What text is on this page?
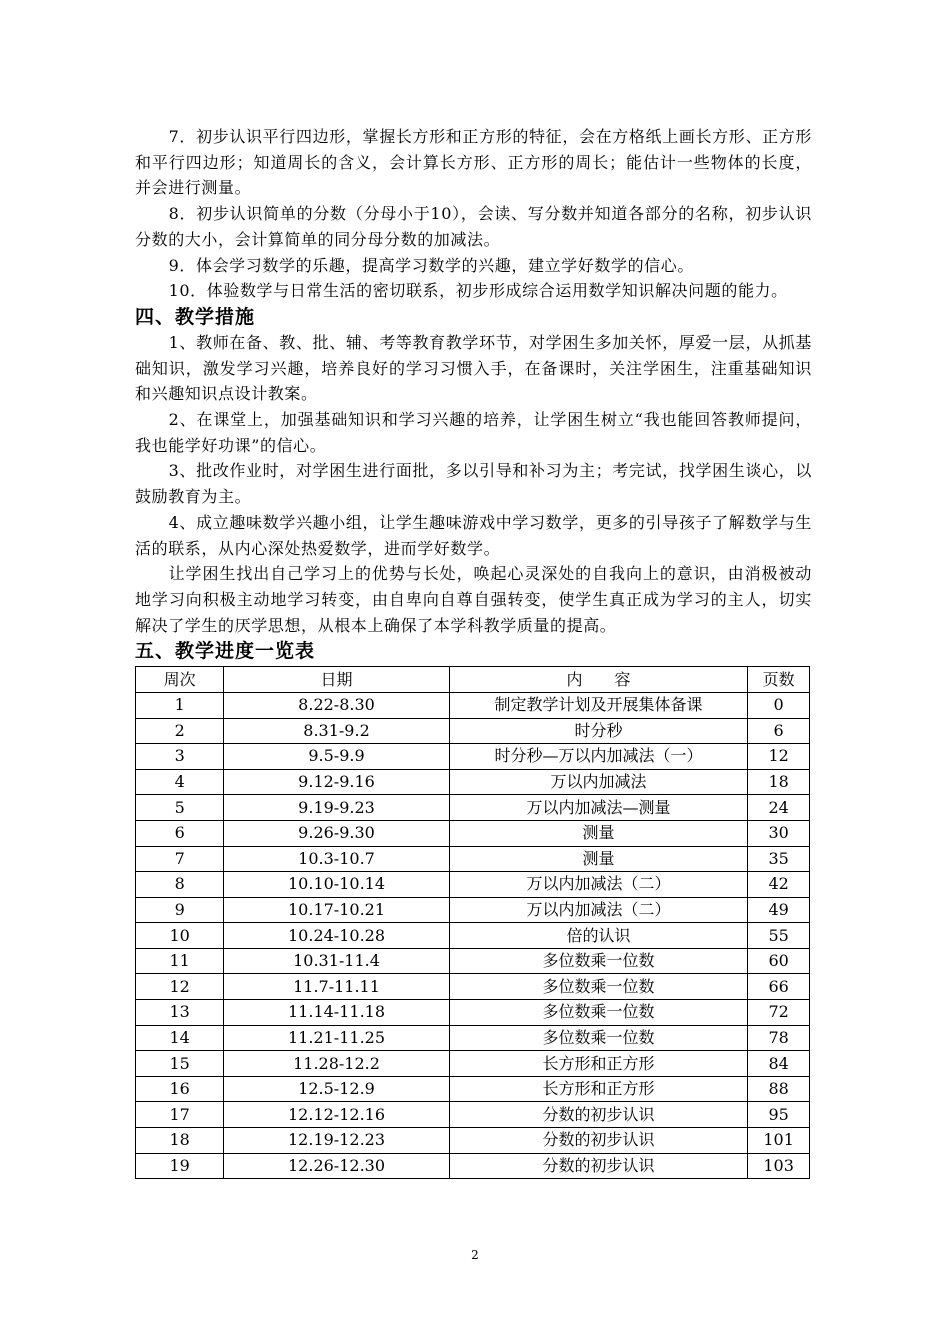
7．初步认识平行四边形，掌握长方形和正方形的特征，会在方格纸上画长方形、正方形和平行四边形；知道周长的含义，会计算长方形、正方形的周长；能估计一些物体的长度，并会进行测量。

8．初步认识简单的分数（分母小于10），会读、写分数并知道各部分的名称，初步认识分数的大小，会计算简单的同分母分数的加减法。

9．体会学习数学的乐趣，提高学习数学的兴趣，建立学好数学的信心。

10．体验数学与日常生活的密切联系，初步形成综合运用数学知识解决问题的能力。

四、教学措施

1、教师在备、教、批、辅、考等教育教学环节，对学困生多加关怀，厚爱一层，从抓基础知识，激发学习兴趣，培养良好的学习习惯入手，在备课时，关注学困生，注重基础知识和兴趣知识点设计教案。

2、在课堂上，加强基础知识和学习兴趣的培养，让学困生树立“我也能回答教师提问，我也能学好功课”的信心。

3、批改作业时，对学困生进行面批，多以引导和补习为主；考完试，找学困生谈心，以鼓励教育为主。

4、成立趣味数学兴趣小组，让学生趣味游戏中学习数学，更多的引导孩子了解数学与生活的联系，从内心深处热爱数学，进而学好数学。

让学困生找出自己学习上的优势与长处，唤起心灵深处的自我向上的意识，由消极被动地学习向积极主动地学习转变，由自卑向自尊自强转变，使学生真正成为学习的主人，切实解决了学生的厌学思想，从根本上确保了本学科教学质量的提高。

五、教学进度一览表
周次	日期	内　　容	页数
1	8.22-8.30	制定教学计划及开展集体备课	0
2	8.31-9.2	时分秒	6
3	9.5-9.9	时分秒—万以内加减法（一）	12
4	9.12-9.16	万以内加减法	18
5	9.19-9.23	万以内加减法—测量	24
6	9.26-9.30	测量	30
7	10.3-10.7	测量	35
8	10.10-10.14	万以内加减法（二）	42
9	10.17-10.21	万以内加减法（二）	49
10	10.24-10.28	倍的认识	55
11	10.31-11.4	多位数乘一位数	60
12	11.7-11.11	多位数乘一位数	66
13	11.14-11.18	多位数乘一位数	72
14	11.21-11.25	多位数乘一位数	78
15	11.28-12.2	长方形和正方形	84
16	12.5-12.9	长方形和正方形	88
17	12.12-12.16	分数的初步认识	95
18	12.19-12.23	分数的初步认识	101
19	12.26-12.30	分数的初步认识	103
2
